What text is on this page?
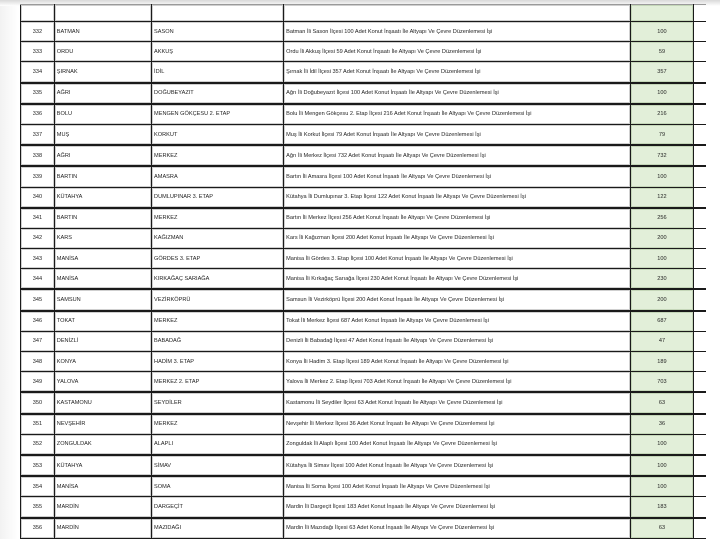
332	BATMAN	SASON	Batman İli Sason İlçesi 100 Adet Konut İnşaatı İle Altyapı Ve Çevre Düzenlemesi İşi	100	
333	ORDU	AKKUŞ	Ordu İli Akkuş İlçesi 59 Adet Konut İnşaatı İle Altyapı Ve Çevre Düzenlemesi İşi	59	
334	ŞIRNAK	İDİL	Şırnak İli İdil İlçesi 357 Adet Konut İnşaatı İle Altyapı Ve Çevre Düzenlemesi İşi	357	
335	AĞRI	DOĞUBEYAZIT	Ağrı İli Doğubeyazıt İlçesi 100 Adet Konut İnşaatı İle Altyapı Ve Çevre Düzenlemesi İşi	100	
336	BOLU	MENGEN GÖKÇESU 2. ETAP	Bolu İli Mengen Gökçesu 2. Etap İlçesi 216 Adet Konut İnşaatı İle Altyapı Ve Çevre Düzenlemesi İşi	216	
337	MUŞ	KORKUT	Muş İli Korkut İlçesi 79 Adet Konut İnşaatı İle Altyapı Ve Çevre Düzenlemesi İşi	79	
338	AĞRI	MERKEZ	Ağrı İli Merkez İlçesi 732 Adet Konut İnşaatı İle Altyapı Ve Çevre Düzenlemesi İşi	732	
339	BARTIN	AMASRA	Bartın İli Amasra İlçesi 100 Adet Konut İnşaatı İle Altyapı Ve Çevre Düzenlemesi İşi	100	
340	KÜTAHYA	DUMLUPINAR 3. ETAP	Kütahya İli Dumlupınar 3. Etap İlçesi 122 Adet Konut İnşaatı İle Altyapı Ve Çevre Düzenlemesi İşi	122	
341	BARTIN	MERKEZ	Bartın İli Merkez İlçesi 256 Adet Konut İnşaatı İle Altyapı Ve Çevre Düzenlemesi İşi	256	
342	KARS	KAĞIZMAN	Kars İli Kağızman İlçesi 200 Adet Konut İnşaatı İle Altyapı Ve Çevre Düzenlemesi İşi	200	
343	MANİSA	GÖRDES 3. ETAP	Manisa İli Gördes 3. Etap İlçesi 100 Adet Konut İnşaatı İle Altyapı Ve Çevre Düzenlemesi İşi	100	
344	MANİSA	KIRKAĞAÇ SARIAĞA	Manisa İli Kırkağaç Sarıağa İlçesi 230 Adet Konut İnşaatı İle Altyapı Ve Çevre Düzenlemesi İşi	230	
345	SAMSUN	VEZİRKÖPRÜ	Samsun İli Vezirköprü İlçesi 200 Adet Konut İnşaatı İle Altyapı Ve Çevre Düzenlemesi İşi	200	
346	TOKAT	MERKEZ	Tokat İli Merkez İlçesi 687 Adet Konut İnşaatı İle Altyapı Ve Çevre Düzenlemesi İşi	687	
347	DENİZLİ	BABADAĞ	Denizli İli Babadağ İlçesi 47 Adet Konut İnşaatı İle Altyapı Ve Çevre Düzenlemesi İşi	47	
348	KONYA	HADİM 3. ETAP	Konya İli Hadim 3. Etap İlçesi 189 Adet Konut İnşaatı İle Altyapı Ve Çevre Düzenlemesi İşi	189	
349	YALOVA	MERKEZ 2. ETAP	Yalova İli Merkez 2. Etap İlçesi 703 Adet Konut İnşaatı İle Altyapı Ve Çevre Düzenlemesi İşi	703	
350	KASTAMONU	SEYDİLER	Kastamonu İli Seydiler İlçesi 63 Adet Konut İnşaatı İle Altyapı Ve Çevre Düzenlemesi İşi	63	
351	NEVŞEHİR	MERKEZ	Nevşehir İli Merkez İlçesi 36 Adet Konut İnşaatı İle Altyapı Ve Çevre Düzenlemesi İşi	36	
352	ZONGULDAK	ALAPLI	Zonguldak İli Alaplı İlçesi 100 Adet Konut İnşaatı İle Altyapı Ve Çevre Düzenlemesi İşi	100	
353	KÜTAHYA	SİMAV	Kütahya İli Simav İlçesi 100 Adet Konut İnşaatı İle Altyapı Ve Çevre Düzenlemesi İşi	100	
354	MANİSA	SOMA	Manisa İli Soma İlçesi 100 Adet Konut İnşaatı İle Altyapı Ve Çevre Düzenlemesi İşi	100	
355	MARDİN	DARGEÇİT	Mardin İli Dargeçit İlçesi 183 Adet Konut İnşaatı İle Altyapı Ve Çevre Düzenlemesi İşi	183	
356	MARDİN	MAZIDAĞI	Mardin İli Mazıdağı İlçesi 63 Adet Konut İnşaatı İle Altyapı Ve Çevre Düzenlemesi İşi	63	
